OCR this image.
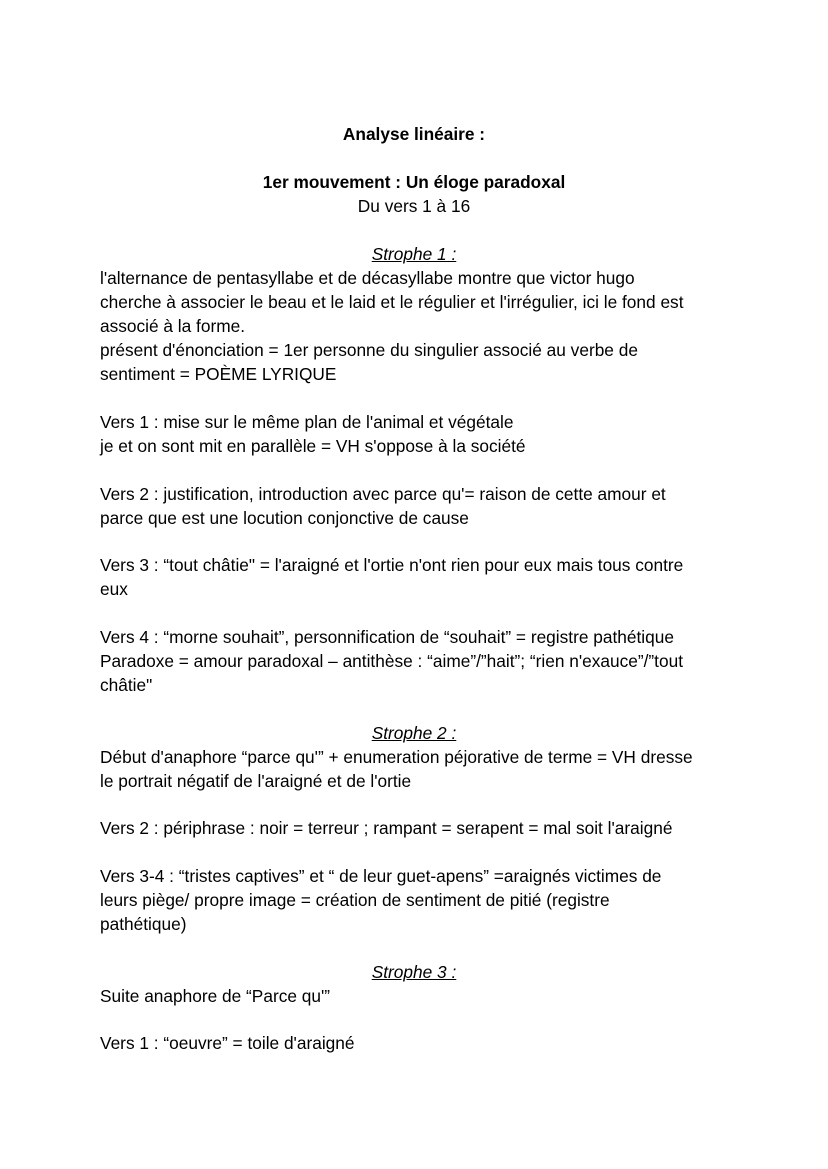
Analyse linéaire :

1er mouvement : Un éloge paradoxal

Du vers 1 à 16

Strophe 1 :

l'alternance de pentasyllabe et de décasyllabe montre que victor hugo

cherche à associer le beau et le laid et le régulier et l'irrégulier, ici le fond est

associé à la forme.

présent d'énonciation = 1er personne du singulier associé au verbe de

sentiment = POÈME LYRIQUE

Vers 1 : mise sur le même plan de l'animal et végétale

je et on sont mit en parallèle = VH s'oppose à la société

Vers 2 : justification, introduction avec parce qu'= raison de cette amour et

parce que est une locution conjonctive de cause

Vers 3 : “tout châtie" = l'araigné et l'ortie n'ont rien pour eux mais tous contre

eux

Vers 4 : “morne souhait”, personnification de “souhait” = registre pathétique

Paradoxe = amour paradoxal – antithèse : “aime”/”hait”; “rien n'exauce”/”tout

châtie"

Strophe 2 :

Début d'anaphore “parce qu'” + enumeration péjorative de terme = VH dresse

le portrait négatif de l'araigné et de l'ortie

Vers 2 : périphrase : noir = terreur ; rampant = serapent = mal soit l'araigné

Vers 3-4 : “tristes captives” et “ de leur guet-apens” =araignés victimes de

leurs piège/ propre image = création de sentiment de pitié (registre

pathétique)

Strophe 3 :

Suite anaphore de “Parce qu'”

Vers 1 : “oeuvre” = toile d'araigné
